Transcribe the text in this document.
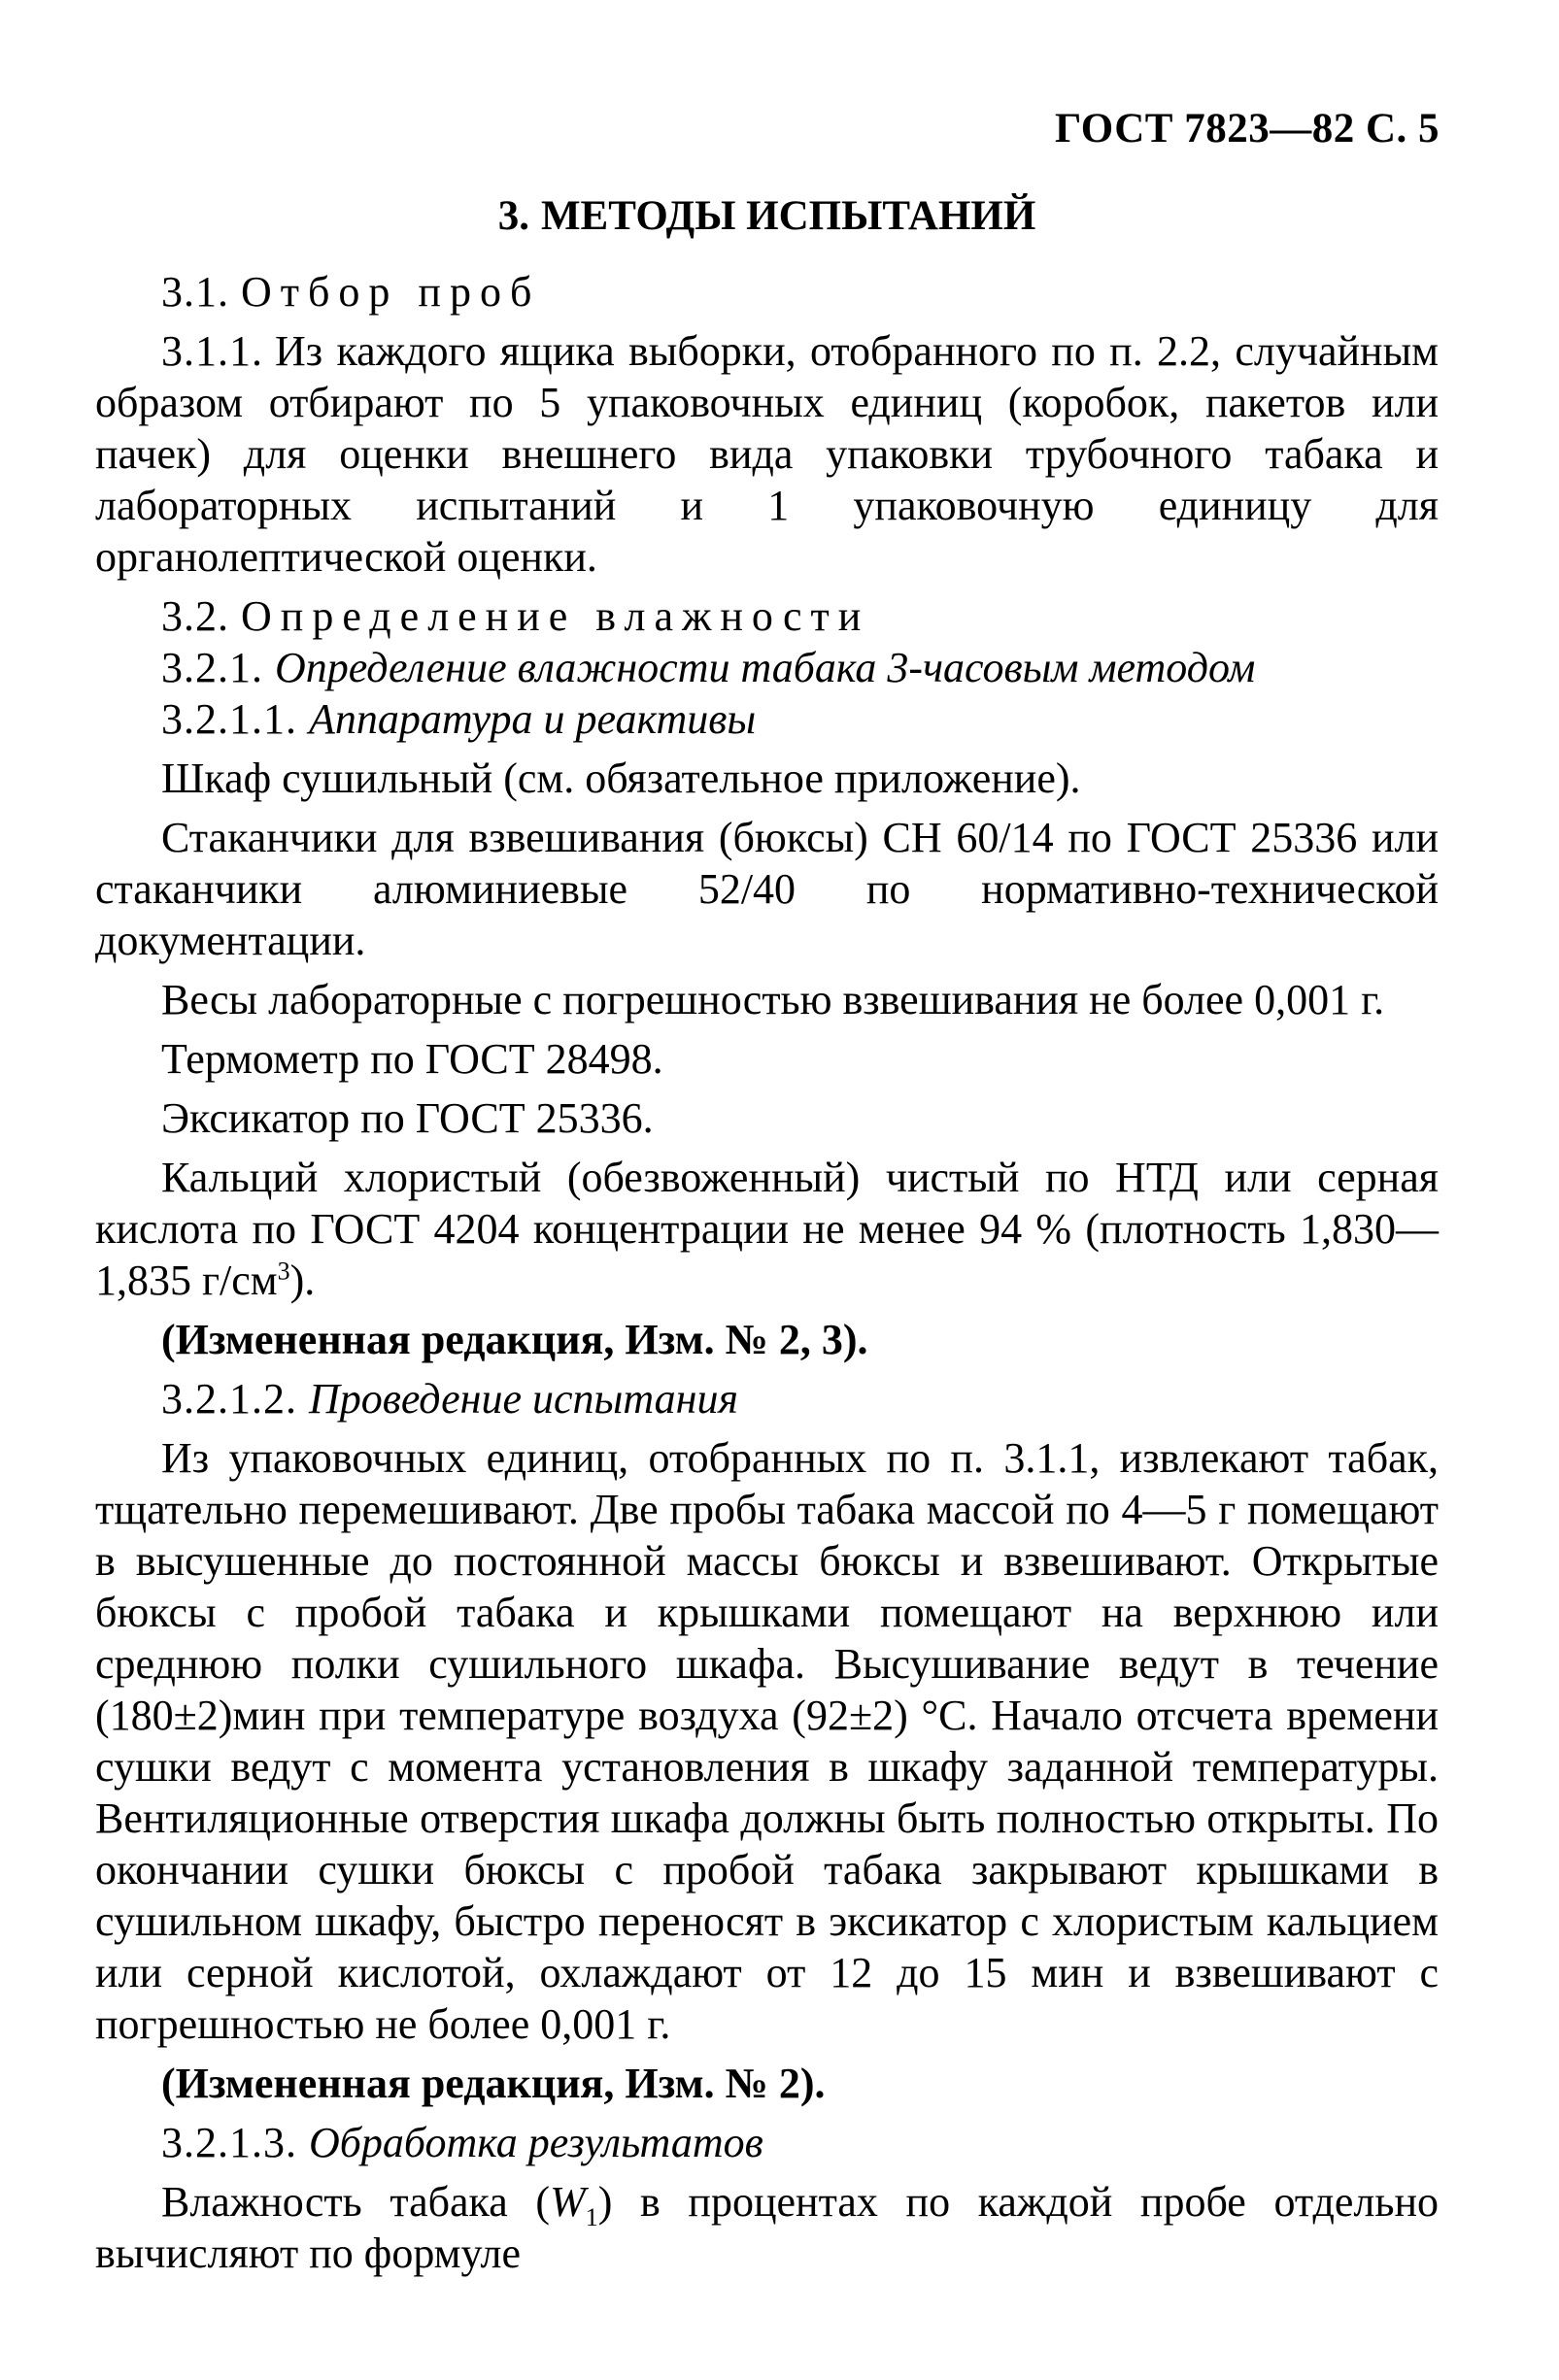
ГОСТ 7823—82 С. 5

3. МЕТОДЫ ИСПЫТАНИЙ

3.1. Отбор проб

3.1.1. Из каждого ящика выборки, отобранного по п. 2.2, случайным образом отбирают по 5 упаковочных единиц (коробок, пакетов или пачек) для оценки внешнего вида упаковки трубочного табака и лабораторных испытаний и 1 упаковочную единицу для органолептической оценки.

3.2. Определение влажности

3.2.1. Определение влажности табака 3-часовым методом

3.2.1.1. Аппаратура и реактивы

Шкаф сушильный (см. обязательное приложение).

Стаканчики для взвешивания (бюксы) СН 60/14 по ГОСТ 25336 или стаканчики алюминиевые 52/40 по нормативно-технической документации.

Весы лабораторные с погрешностью взвешивания не более 0,001 г.

Термометр по ГОСТ 28498.

Эксикатор по ГОСТ 25336.

Кальций хлористый (обезвоженный) чистый по НТД или серная кислота по ГОСТ 4204 концентрации не менее 94 % (плотность 1,830—1,835 $г/см^3$).

(Измененная редакция, Изм. № 2, 3).

3.2.1.2. Проведение испытания

Из упаковочных единиц, отобранных по п. 3.1.1, извлекают табак, тщательно перемешивают. Две пробы табака массой по 4—5 г помещают в высушенные до постоянной массы бюксы и взвешивают. Открытые бюксы с пробой табака и крышками помещают на верхнюю или среднюю полки сушильного шкафа. Высушивание ведут в течение (180±2)мин при температуре воздуха (92±2) °С. Начало отсчета времени сушки ведут с момента установления в шкафу заданной температуры. Вентиляционные отверстия шкафа должны быть полностью открыты. По окончании сушки бюксы с пробой табака закрывают крышками в сушильном шкафу, быстро переносят в эксикатор с хлористым кальцием или серной кислотой, охлаждают от 12 до 15 мин и взвешивают с погрешностью не более 0,001 г.

(Измененная редакция, Изм. № 2).

3.2.1.3. Обработка результатов

Влажность табака $(W_1)$ в процентах по каждой пробе отдельно вычисляют по формуле
